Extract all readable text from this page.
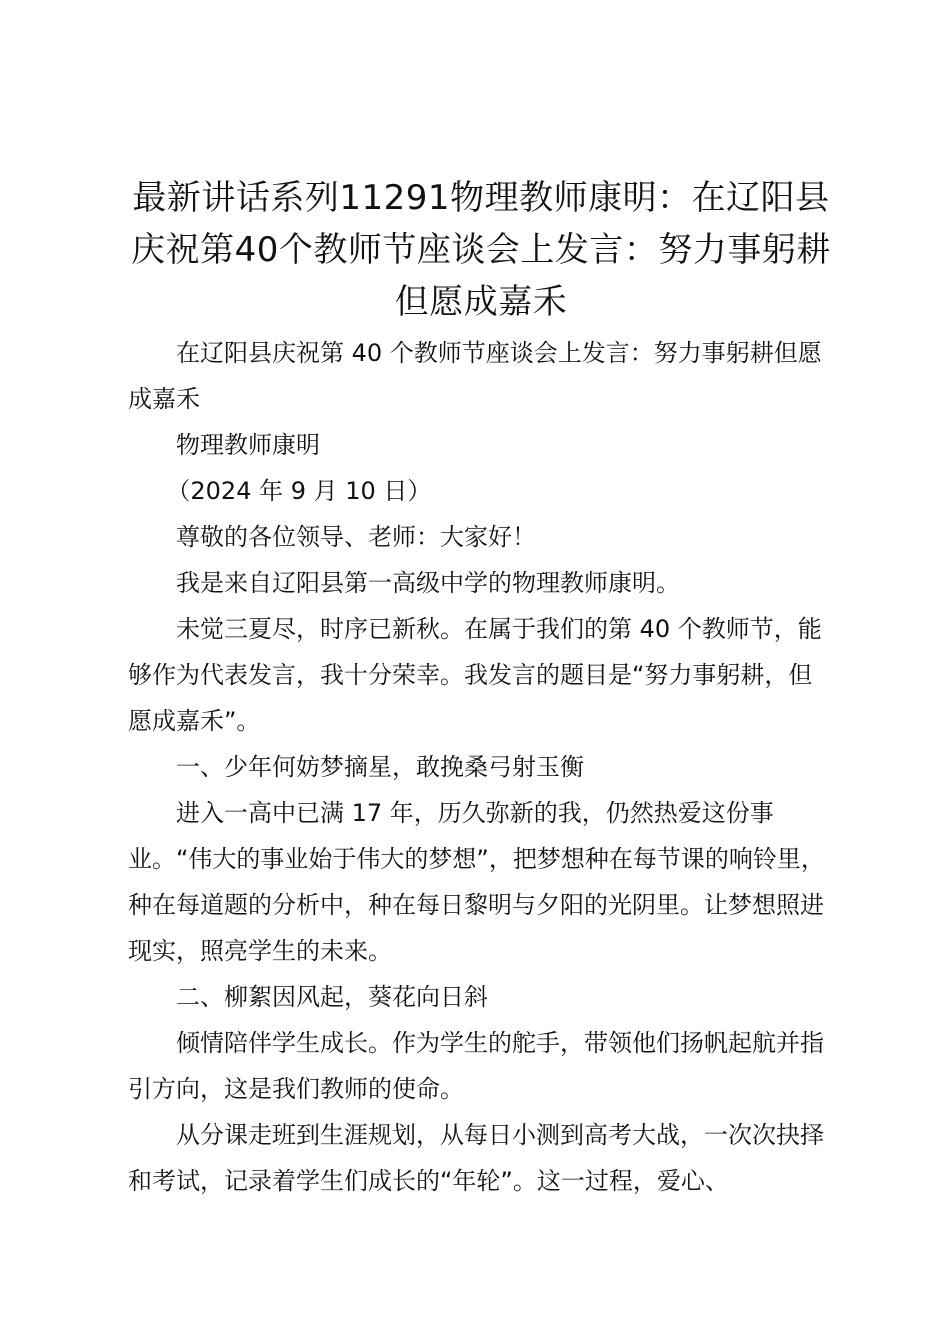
最新讲话系列11291物理教师康明：在辽阳县庆祝第40个教师节座谈会上发言：努力事躬耕但愿成嘉禾

在辽阳县庆祝第 40 个教师节座谈会上发言：努力事躬耕但愿成嘉禾

物理教师康明

（2024 年 9 月 10 日）

尊敬的各位领导、老师：大家好！

我是来自辽阳县第一高级中学的物理教师康明。

未觉三夏尽，时序已新秋。在属于我们的第 40 个教师节，能够作为代表发言，我十分荣幸。我发言的题目是“努力事躬耕，但愿成嘉禾”。

一、少年何妨梦摘星，敢挽桑弓射玉衡

进入一高中已满 17 年，历久弥新的我，仍然热爱这份事业。“伟大的事业始于伟大的梦想”，把梦想种在每节课的响铃里，种在每道题的分析中，种在每日黎明与夕阳的光阴里。让梦想照进现实，照亮学生的未来。

二、柳絮因风起，葵花向日斜

倾情陪伴学生成长。作为学生的舵手，带领他们扬帆起航并指引方向，这是我们教师的使命。

从分课走班到生涯规划，从每日小测到高考大战，一次次抉择和考试，记录着学生们成长的“年轮”。这一过程，爱心、
